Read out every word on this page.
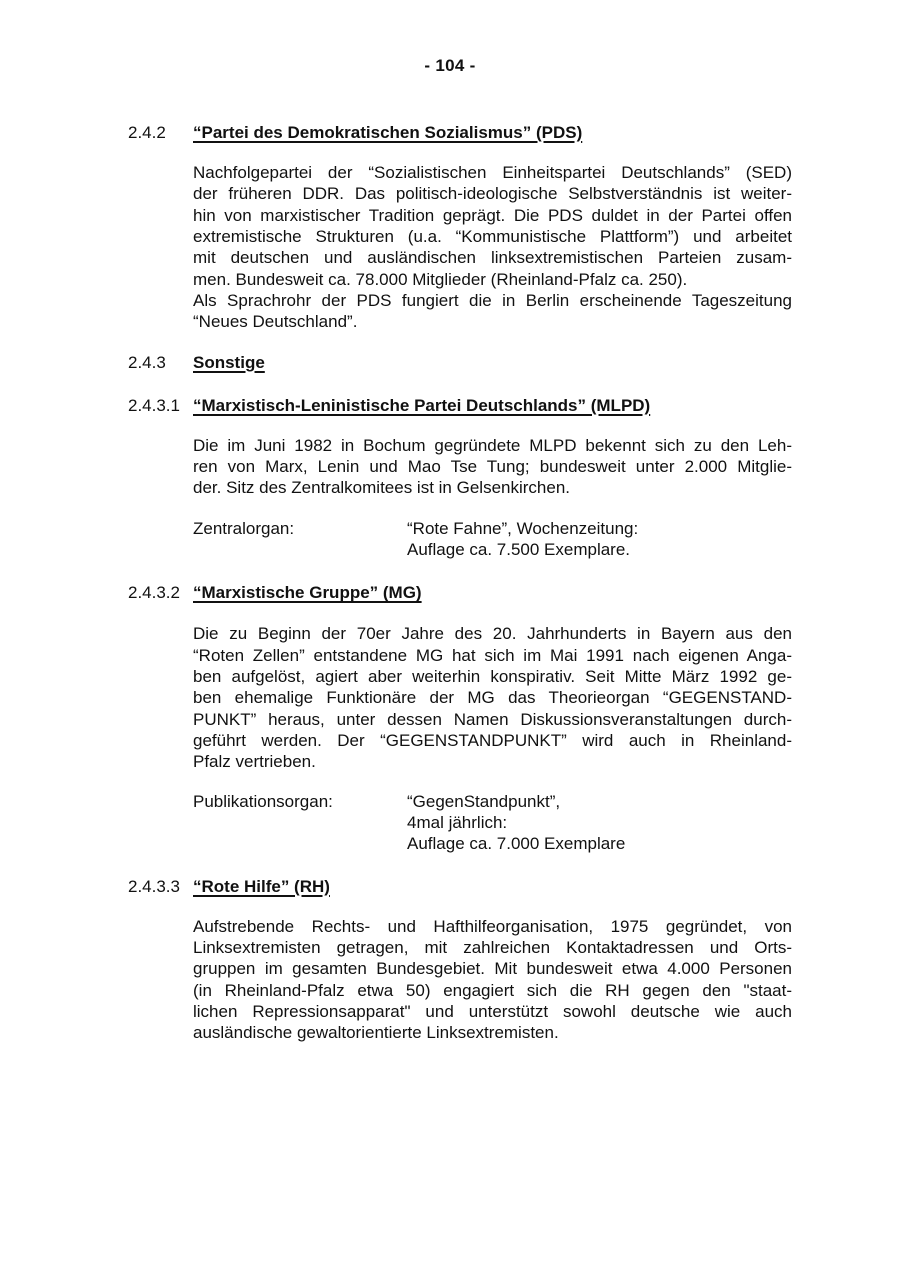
- 104 -
2.4.2	“Partei des Demokratischen Sozialismus” (PDS)
Nachfolgepartei der “Sozialistischen Einheitspartei Deutschlands” (SED)
der früheren DDR. Das politisch-ideologische Selbstverständnis ist weiter-
hin von marxistischer Tradition geprägt. Die PDS duldet in der Partei offen
extremistische Strukturen (u.a. “Kommunistische Plattform”) und arbeitet
mit deutschen und ausländischen linksextremistischen Parteien zusam-
men. Bundesweit ca. 78.000 Mitglieder (Rheinland-Pfalz ca. 250).
Als Sprachrohr der PDS fungiert die in Berlin erscheinende Tageszeitung
“Neues Deutschland”.
2.4.3	Sonstige
2.4.3.1 “Marxistisch-Leninistische Partei Deutschlands” (MLPD)
Die im Juni 1982 in Bochum gegründete MLPD bekennt sich zu den Leh-
ren von Marx, Lenin und Mao Tse Tung; bundesweit unter 2.000 Mitglie-
der. Sitz des Zentralkomitees ist in Gelsenkirchen.
Zentralorgan:	“Rote Fahne”, Wochenzeitung:
Auflage ca. 7.500 Exemplare.
2.4.3.2 “Marxistische Gruppe” (MG)
Die zu Beginn der 70er Jahre des 20. Jahrhunderts in Bayern aus den
“Roten Zellen” entstandene MG hat sich im Mai 1991 nach eigenen Anga-
ben aufgelöst, agiert aber weiterhin konspirativ. Seit Mitte März 1992 ge-
ben ehemalige Funktionäre der MG das Theorieorgan “GEGENSTAND-
PUNKT” heraus, unter dessen Namen Diskussionsveranstaltungen durch-
geführt werden. Der “GEGENSTANDPUNKT” wird auch in Rheinland-
Pfalz vertrieben.
Publikationsorgan:	“GegenStandpunkt”,
4mal jährlich:
Auflage ca. 7.000 Exemplare
2.4.3.3 “Rote Hilfe” (RH)
Aufstrebende Rechts- und Hafthilfeorganisation, 1975 gegründet, von
Linksextremisten getragen, mit zahlreichen Kontaktadressen und Orts-
gruppen im gesamten Bundesgebiet. Mit bundesweit etwa 4.000 Personen
(in Rheinland-Pfalz etwa 50) engagiert sich die RH gegen den "staat-
lichen Repressionsapparat" und unterstützt sowohl deutsche wie auch
ausländische gewaltorientierte Linksextremisten.
